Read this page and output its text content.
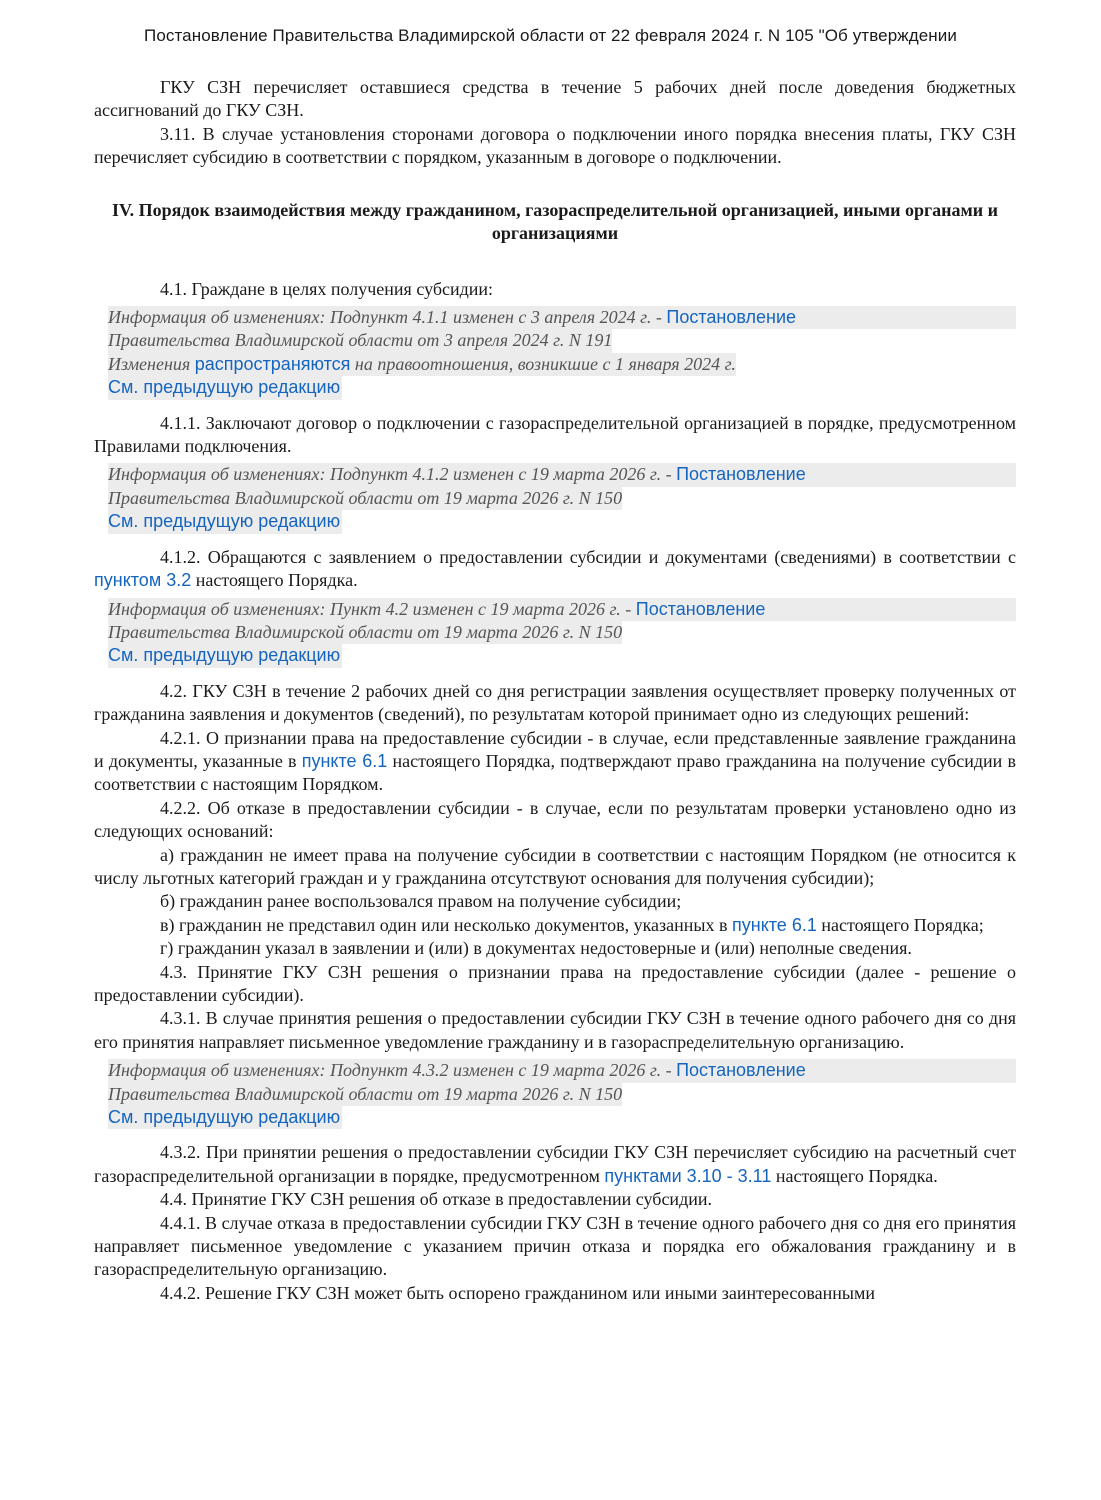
Постановление Правительства Владимирской области от 22 февраля 2024 г. N 105 "Об утверждении

ГКУ СЗН перечисляет оставшиеся средства в течение 5 рабочих дней после доведения бюджетных ассигнований до ГКУ СЗН.

3.11. В случае установления сторонами договора о подключении иного порядка внесения платы, ГКУ СЗН перечисляет субсидию в соответствии с порядком, указанным в договоре о подключении.

IV. Порядок взаимодействия между гражданином, газораспределительной организацией, иными органами и организациями

4.1. Граждане в целях получения субсидии:

Информация об изменениях: Подпункт 4.1.1 изменен с 3 апреля 2024 г. - Постановление
Правительства Владимирской области от 3 апреля 2024 г. N 191
Изменения распространяются на правоотношения, возникшие с 1 января 2024 г.
См. предыдущую редакцию

4.1.1. Заключают договор о подключении с газораспределительной организацией в порядке, предусмотренном Правилами подключения.

Информация об изменениях: Подпункт 4.1.2 изменен с 19 марта 2026 г. - Постановление
Правительства Владимирской области от 19 марта 2026 г. N 150
См. предыдущую редакцию

4.1.2. Обращаются с заявлением о предоставлении субсидии и документами (сведениями) в соответствии с пунктом 3.2 настоящего Порядка.

Информация об изменениях: Пункт 4.2 изменен с 19 марта 2026 г. - Постановление
Правительства Владимирской области от 19 марта 2026 г. N 150
См. предыдущую редакцию

4.2. ГКУ СЗН в течение 2 рабочих дней со дня регистрации заявления осуществляет проверку полученных от гражданина заявления и документов (сведений), по результатам которой принимает одно из следующих решений:

4.2.1. О признании права на предоставление субсидии - в случае, если представленные заявление гражданина и документы, указанные в пункте 6.1 настоящего Порядка, подтверждают право гражданина на получение субсидии в соответствии с настоящим Порядком.

4.2.2. Об отказе в предоставлении субсидии - в случае, если по результатам проверки установлено одно из следующих оснований:

а) гражданин не имеет права на получение субсидии в соответствии с настоящим Порядком (не относится к числу льготных категорий граждан и у гражданина отсутствуют основания для получения субсидии);

б) гражданин ранее воспользовался правом на получение субсидии;

в) гражданин не представил один или несколько документов, указанных в пункте 6.1 настоящего Порядка;

г) гражданин указал в заявлении и (или) в документах недостоверные и (или) неполные сведения.

4.3. Принятие ГКУ СЗН решения о признании права на предоставление субсидии (далее - решение о предоставлении субсидии).

4.3.1. В случае принятия решения о предоставлении субсидии ГКУ СЗН в течение одного рабочего дня со дня его принятия направляет письменное уведомление гражданину и в газораспределительную организацию.

Информация об изменениях: Подпункт 4.3.2 изменен с 19 марта 2026 г. - Постановление
Правительства Владимирской области от 19 марта 2026 г. N 150
См. предыдущую редакцию

4.3.2. При принятии решения о предоставлении субсидии ГКУ СЗН перечисляет субсидию на расчетный счет газораспределительной организации в порядке, предусмотренном пунктами 3.10 - 3.11 настоящего Порядка.

4.4. Принятие ГКУ СЗН решения об отказе в предоставлении субсидии.

4.4.1. В случае отказа в предоставлении субсидии ГКУ СЗН в течение одного рабочего дня со дня его принятия направляет письменное уведомление с указанием причин отказа и порядка его обжалования гражданину и в газораспределительную организацию.

4.4.2. Решение ГКУ СЗН может быть оспорено гражданином или иными заинтересованными
